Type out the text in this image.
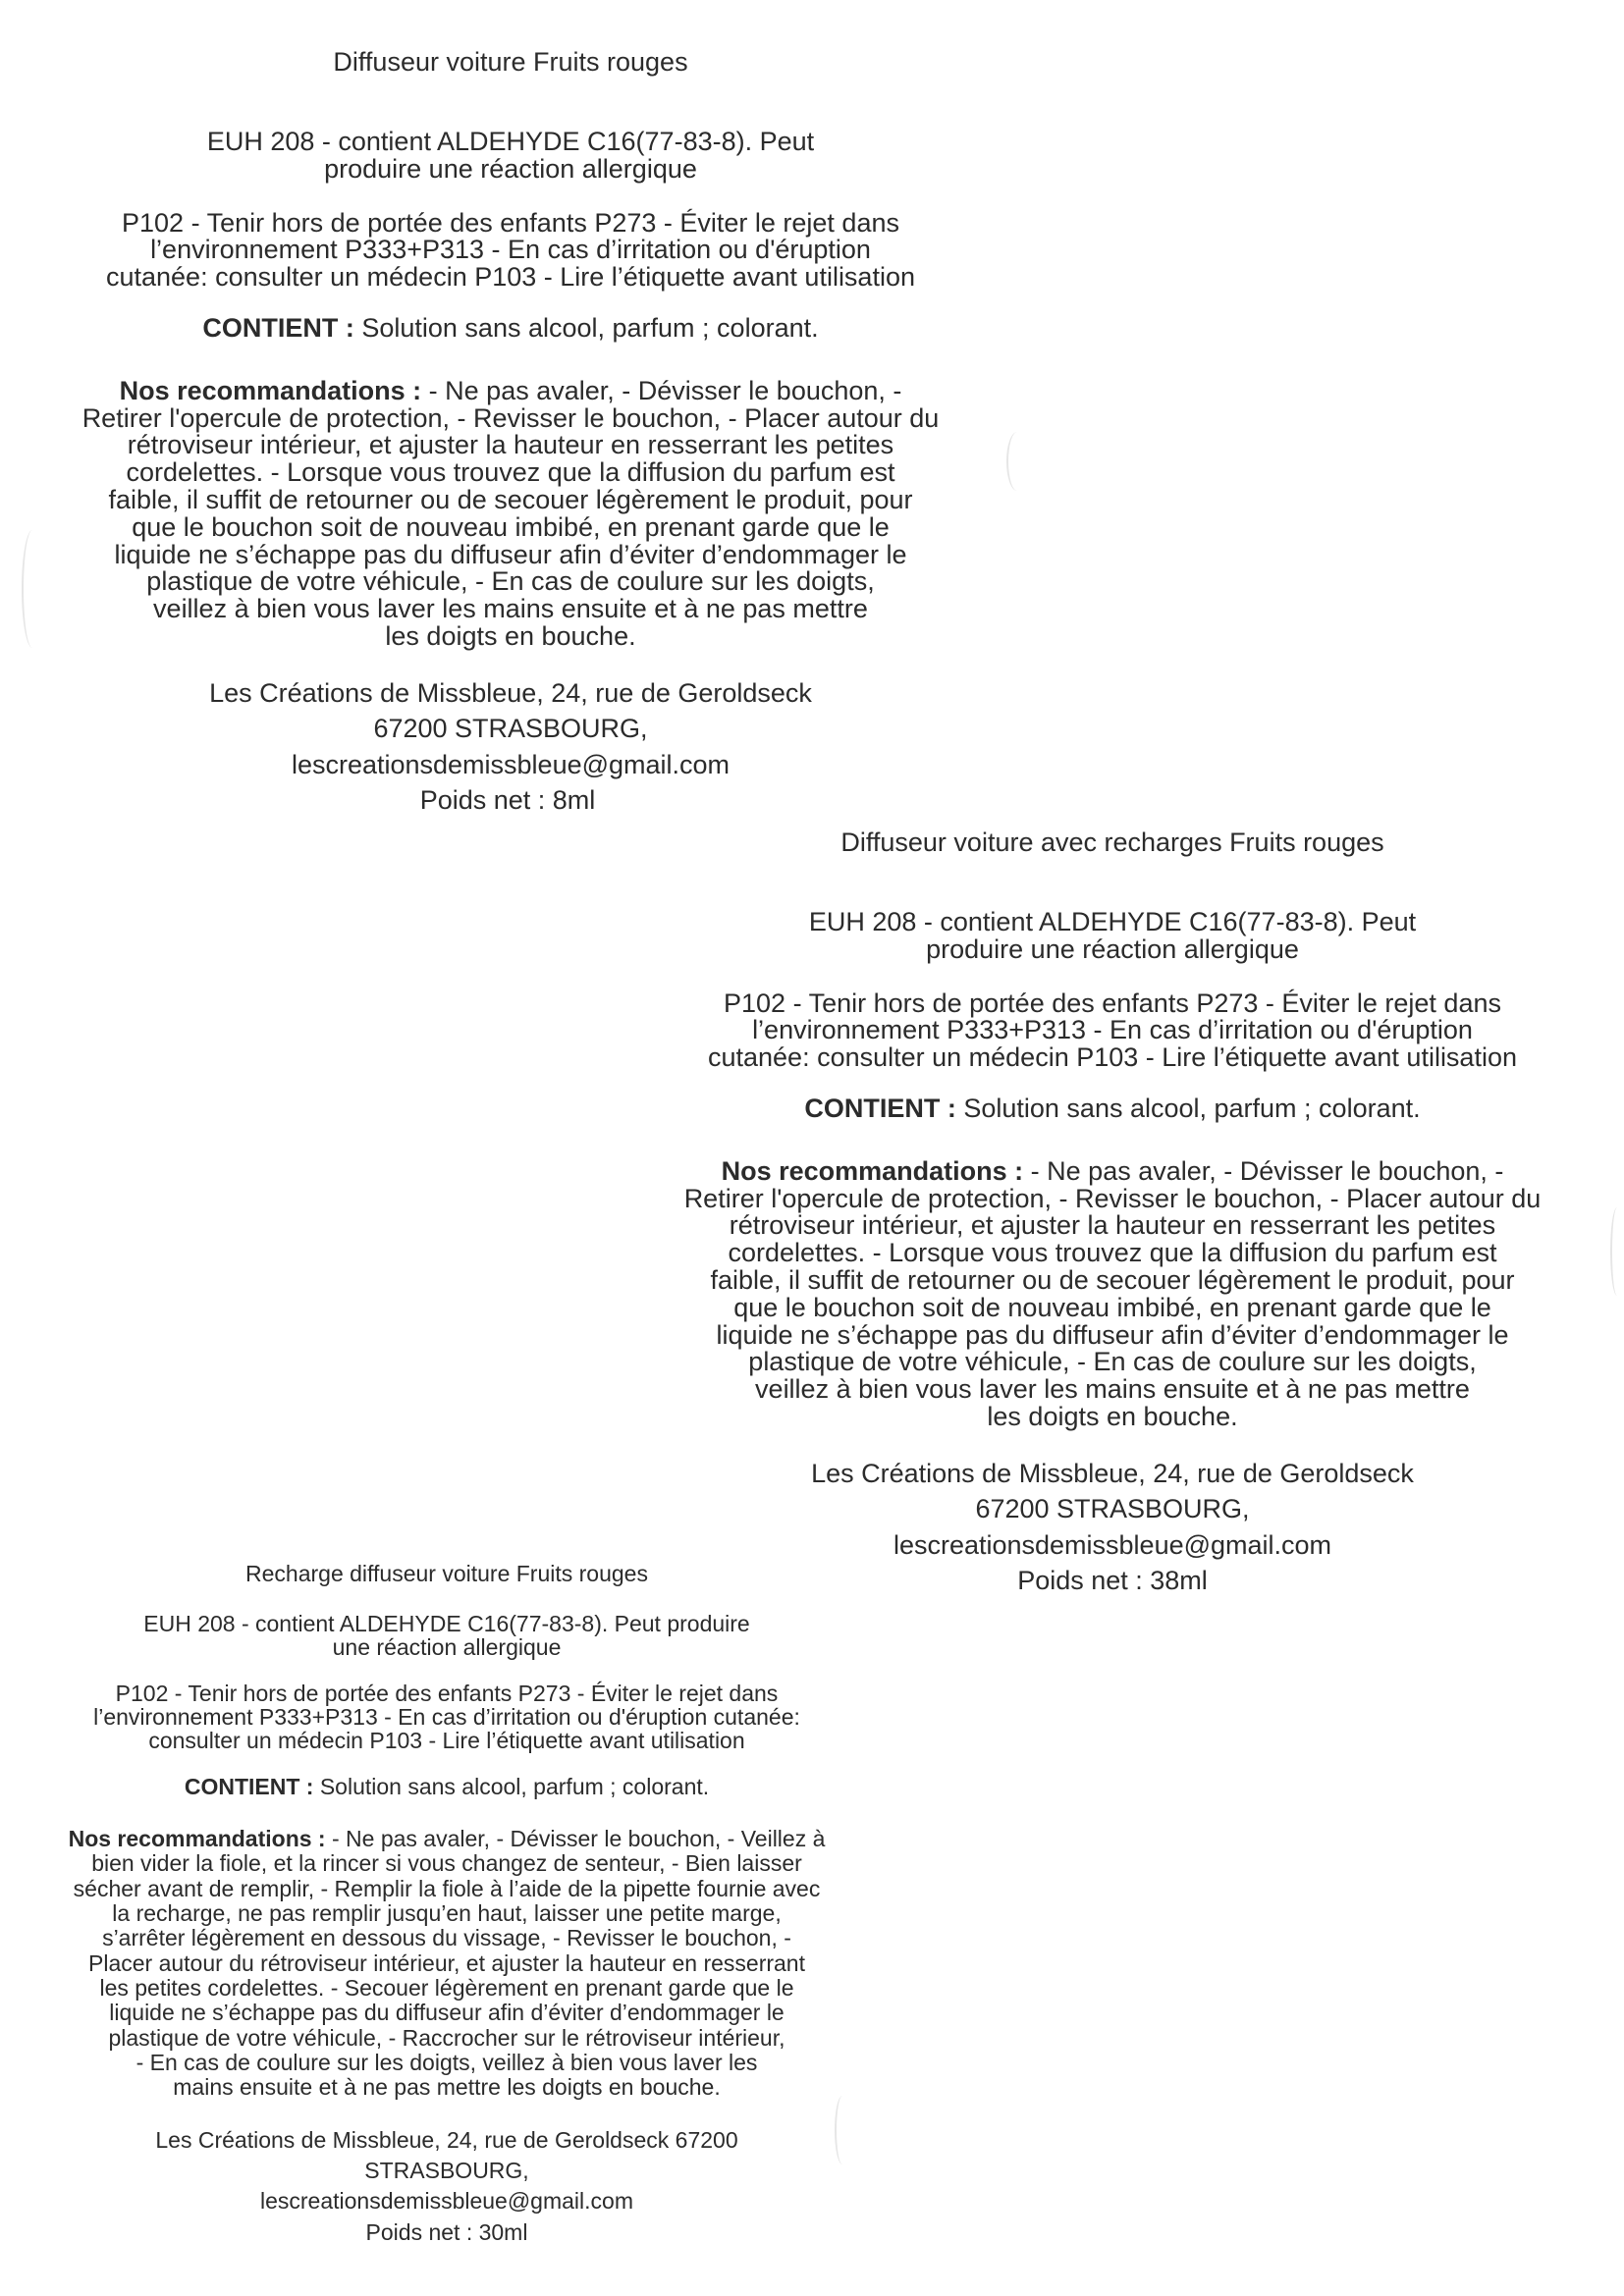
Diffuseur voiture Fruits rouges

EUH 208 - contient ALDEHYDE C16(77-83-8). Peut

produire une réaction allergique

P102 - Tenir hors de portée des enfants P273 - Éviter le rejet dans

l’environnement P333+P313 - En cas d’irritation ou d'éruption

cutanée: consulter un médecin P103 - Lire l’étiquette avant utilisation

CONTIENT : Solution sans alcool, parfum ; colorant.

Nos recommandations : - Ne pas avaler, - Dévisser le bouchon, -

Retirer l'opercule de protection, - Revisser le bouchon, - Placer autour du

rétroviseur intérieur, et ajuster la hauteur en resserrant les petites

cordelettes. - Lorsque vous trouvez que la diffusion du parfum est

faible, il suffit de retourner ou de secouer légèrement le produit, pour

que le bouchon soit de nouveau imbibé, en prenant garde que le

liquide ne s’échappe pas du diffuseur afin d’éviter d’endommager le

plastique de votre véhicule, - En cas de coulure sur les doigts,

veillez à bien vous laver les mains ensuite et à ne pas mettre

les doigts en bouche.

Les Créations de Missbleue, 24, rue de Geroldseck

67200 STRASBOURG,

lescreationsdemissbleue@gmail.com

Poids net : 8ml

Diffuseur voiture avec recharges Fruits rouges

EUH 208 - contient ALDEHYDE C16(77-83-8). Peut

produire une réaction allergique

P102 - Tenir hors de portée des enfants P273 - Éviter le rejet dans

l’environnement P333+P313 - En cas d’irritation ou d'éruption

cutanée: consulter un médecin P103 - Lire l’étiquette avant utilisation

CONTIENT : Solution sans alcool, parfum ; colorant.

Nos recommandations : - Ne pas avaler, - Dévisser le bouchon, -

Retirer l'opercule de protection, - Revisser le bouchon, - Placer autour du

rétroviseur intérieur, et ajuster la hauteur en resserrant les petites

cordelettes. - Lorsque vous trouvez que la diffusion du parfum est

faible, il suffit de retourner ou de secouer légèrement le produit, pour

que le bouchon soit de nouveau imbibé, en prenant garde que le

liquide ne s’échappe pas du diffuseur afin d’éviter d’endommager le

plastique de votre véhicule, - En cas de coulure sur les doigts,

veillez à bien vous laver les mains ensuite et à ne pas mettre

les doigts en bouche.

Les Créations de Missbleue, 24, rue de Geroldseck

67200 STRASBOURG,

lescreationsdemissbleue@gmail.com

Poids net : 38ml

Recharge diffuseur voiture Fruits rouges

EUH 208 - contient ALDEHYDE C16(77-83-8). Peut produire

une réaction allergique

P102 - Tenir hors de portée des enfants P273 - Éviter le rejet dans

l’environnement P333+P313 - En cas d’irritation ou d'éruption cutanée:

consulter un médecin P103 - Lire l’étiquette avant utilisation

CONTIENT : Solution sans alcool, parfum ; colorant.

Nos recommandations : - Ne pas avaler, - Dévisser le bouchon, - Veillez à

bien vider la fiole, et la rincer si vous changez de senteur, - Bien laisser

sécher avant de remplir, - Remplir la fiole à l’aide de la pipette fournie avec

la recharge, ne pas remplir jusqu’en haut, laisser une petite marge,

s’arrêter légèrement en dessous du vissage, - Revisser le bouchon, -

Placer autour du rétroviseur intérieur, et ajuster la hauteur en resserrant

les petites cordelettes. - Secouer légèrement en prenant garde que le

liquide ne s’échappe pas du diffuseur afin d’éviter d’endommager le

plastique de votre véhicule, - Raccrocher sur le rétroviseur intérieur,

- En cas de coulure sur les doigts, veillez à bien vous laver les

mains ensuite et à ne pas mettre les doigts en bouche.

Les Créations de Missbleue, 24, rue de Geroldseck 67200

STRASBOURG,

lescreationsdemissbleue@gmail.com

Poids net : 30ml
